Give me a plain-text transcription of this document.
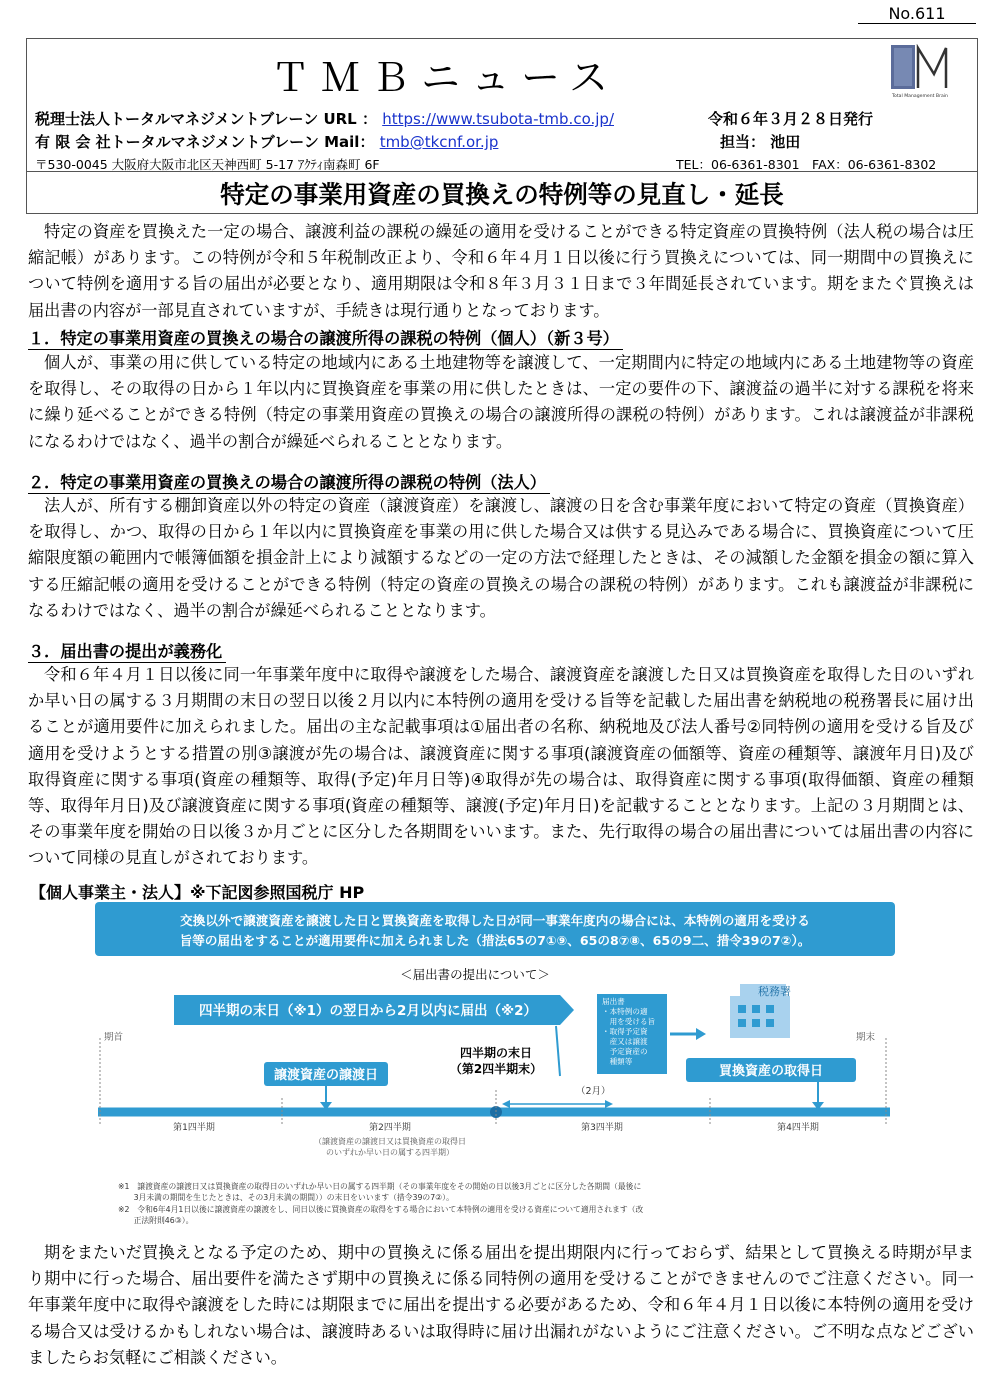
No.611
ＴＭＢニュース	Total Management Brain
税理士法人トータルマネジメントブレーン URL ： https://www.tsubota-tmb.co.jp/	令和６年３月２８日発行
有 限 会 社トータルマネジメントブレーン Mail： tmb@tkcnf.or.jp	担当： 池田
〒530-0045 大阪府大阪市北区天神西町 5-17 ｱｸﾃｨ南森町 6F	TEL：06-6361-8301　FAX：06-6361-8302
特定の事業用資産の買換えの特例等の見直し・延長

特定の資産を買換えた一定の場合、譲渡利益の課税の繰延の適用を受けることができる特定資産の買換特例（法人税の場合は圧縮記帳）があります。この特例が令和５年税制改正より、令和６年４月１日以後に行う買換えについては、同一期間中の買換えについて特例を適用する旨の届出が必要となり、適用期限は令和８年３月３１日まで３年間延長されています。期をまたぐ買換えは届出書の内容が一部見直されていますが、手続きは現行通りとなっております。

１．特定の事業用資産の買換えの場合の譲渡所得の課税の特例（個人）（新３号）

個人が、事業の用に供している特定の地域内にある土地建物等を譲渡して、一定期間内に特定の地域内にある土地建物等の資産を取得し、その取得の日から１年以内に買換資産を事業の用に供したときは、一定の要件の下、譲渡益の過半に対する課税を将来に繰り延べることができる特例（特定の事業用資産の買換えの場合の譲渡所得の課税の特例）があります。これは譲渡益が非課税になるわけではなく、過半の割合が繰延べられることとなります。

２．特定の事業用資産の買換えの場合の譲渡所得の課税の特例（法人）

法人が、所有する棚卸資産以外の特定の資産（譲渡資産）を譲渡し、譲渡の日を含む事業年度において特定の資産（買換資産）を取得し、かつ、取得の日から１年以内に買換資産を事業の用に供した場合又は供する見込みである場合に、買換資産について圧縮限度額の範囲内で帳簿価額を損金計上により減額するなどの一定の方法で経理したときは、その減額した金額を損金の額に算入する圧縮記帳の適用を受けることができる特例（特定の資産の買換えの場合の課税の特例）があります。これも譲渡益が非課税になるわけではなく、過半の割合が繰延べられることとなります。

３．届出書の提出が義務化

令和６年４月１日以後に同一年事業年度中に取得や譲渡をした場合、譲渡資産を譲渡した日又は買換資産を取得した日のいずれか早い日の属する３月期間の末日の翌日以後２月以内に本特例の適用を受ける旨等を記載した届出書を納税地の税務署長に届け出ることが適用要件に加えられました。届出の主な記載事項は①届出者の名称、納税地及び法人番号②同特例の適用を受ける旨及び適用を受けようとする措置の別③譲渡が先の場合は、譲渡資産に関する事項(譲渡資産の価額等、資産の種類等、譲渡年月日)及び取得資産に関する事項(資産の種類等、取得(予定)年月日等)④取得が先の場合は、取得資産に関する事項(取得価額、資産の種類等、取得年月日)及び譲渡資産に関する事項(資産の種類等、譲渡(予定)年月日)を記載することとなります。上記の３月期間とは、その事業年度を開始の日以後３か月ごとに区分した各期間をいいます。また、先行取得の場合の届出書については届出書の内容について同様の見直しがされております。

【個人事業主・法人】※下記図参照国税庁 HP
交換以外で譲渡資産を譲渡した日と買換資産を取得した日が同一事業年度内の場合には、本特例の適用を受ける
旨等の届出をすることが適用要件に加えられました（措法65の7①⑨、65の8⑦⑧、65の9二、措令39の7②）。
＜届出書の提出について＞
四半期の末日（※1）の翌日から2月以内に届出（※2）
届出書
・本特例の適
　用を受ける旨
・取得予定資
　産又は譲渡
　予定資産の
　種類等
税務署
期首	期末
四半期の末日
（第2四半期末）
譲渡資産の譲渡日	買換資産の取得日
（2月）
第1四半期	第2四半期	第3四半期	第4四半期
（譲渡資産の譲渡日又は買換資産の取得日
のいずれか早い日の属する四半期）
※1　譲渡資産の譲渡日又は買換資産の取得日のいずれか早い日の属する四半期（その事業年度をその開始の日以後3月ごとに区分した各期間（最後に
　　3月未満の期間を生じたときは、その3月未満の期間））の末日をいいます（措令39の7②）。
※2　令和6年4月1日以後に譲渡資産の譲渡をし、同日以後に買換資産の取得をする場合において本特例の適用を受ける資産について適用されます（改
　　正法附則46③）。

期をまたいだ買換えとなる予定のため、期中の買換えに係る届出を提出期限内に行っておらず、結果として買換える時期が早まり期中に行った場合、届出要件を満たさず期中の買換えに係る同特例の適用を受けることができませんのでご注意ください。同一年事業年度中に取得や譲渡をした時には期限までに届出を提出する必要があるため、令和６年４月１日以後に本特例の適用を受ける場合又は受けるかもしれない場合は、譲渡時あるいは取得時に届け出漏れがないようにご注意ください。ご不明な点などございましたらお気軽にご相談ください。
